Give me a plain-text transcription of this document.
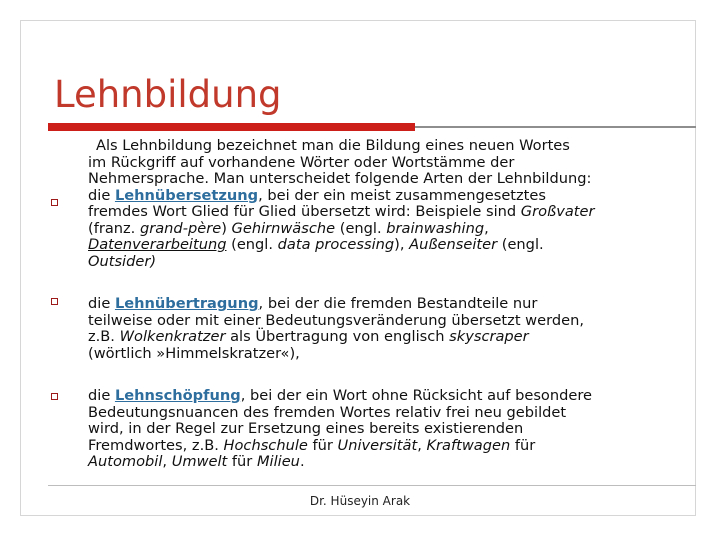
Lehnbildung
Als Lehnbildung bezeichnet man die Bildung eines neuen Wortes
im Rückgriff auf vorhandene Wörter oder Wortstämme der
Nehmersprache. Man unterscheidet folgende Arten der Lehnbildung:
die Lehnübersetzung, bei der ein meist zusammengesetztes
fremdes Wort Glied für Glied übersetzt wird: Beispiele sind Großvater
(franz. grand-père) Gehirnwäsche (engl. brainwashing,
Datenverarbeitung (engl. data processing), Außenseiter (engl.
Outsider)
die Lehnübertragung, bei der die fremden Bestandteile nur
teilweise oder mit einer Bedeutungsveränderung übersetzt werden,
z.B. Wolkenkratzer als Übertragung von englisch skyscraper
(wörtlich »Himmelskratzer«),
die Lehnschöpfung, bei der ein Wort ohne Rücksicht auf besondere
Bedeutungsnuancen des fremden Wortes relativ frei neu gebildet
wird, in der Regel zur Ersetzung eines bereits existierenden
Fremdwortes, z.B. Hochschule für Universität, Kraftwagen für
Automobil, Umwelt für Milieu.
Dr. Hüseyin Arak
